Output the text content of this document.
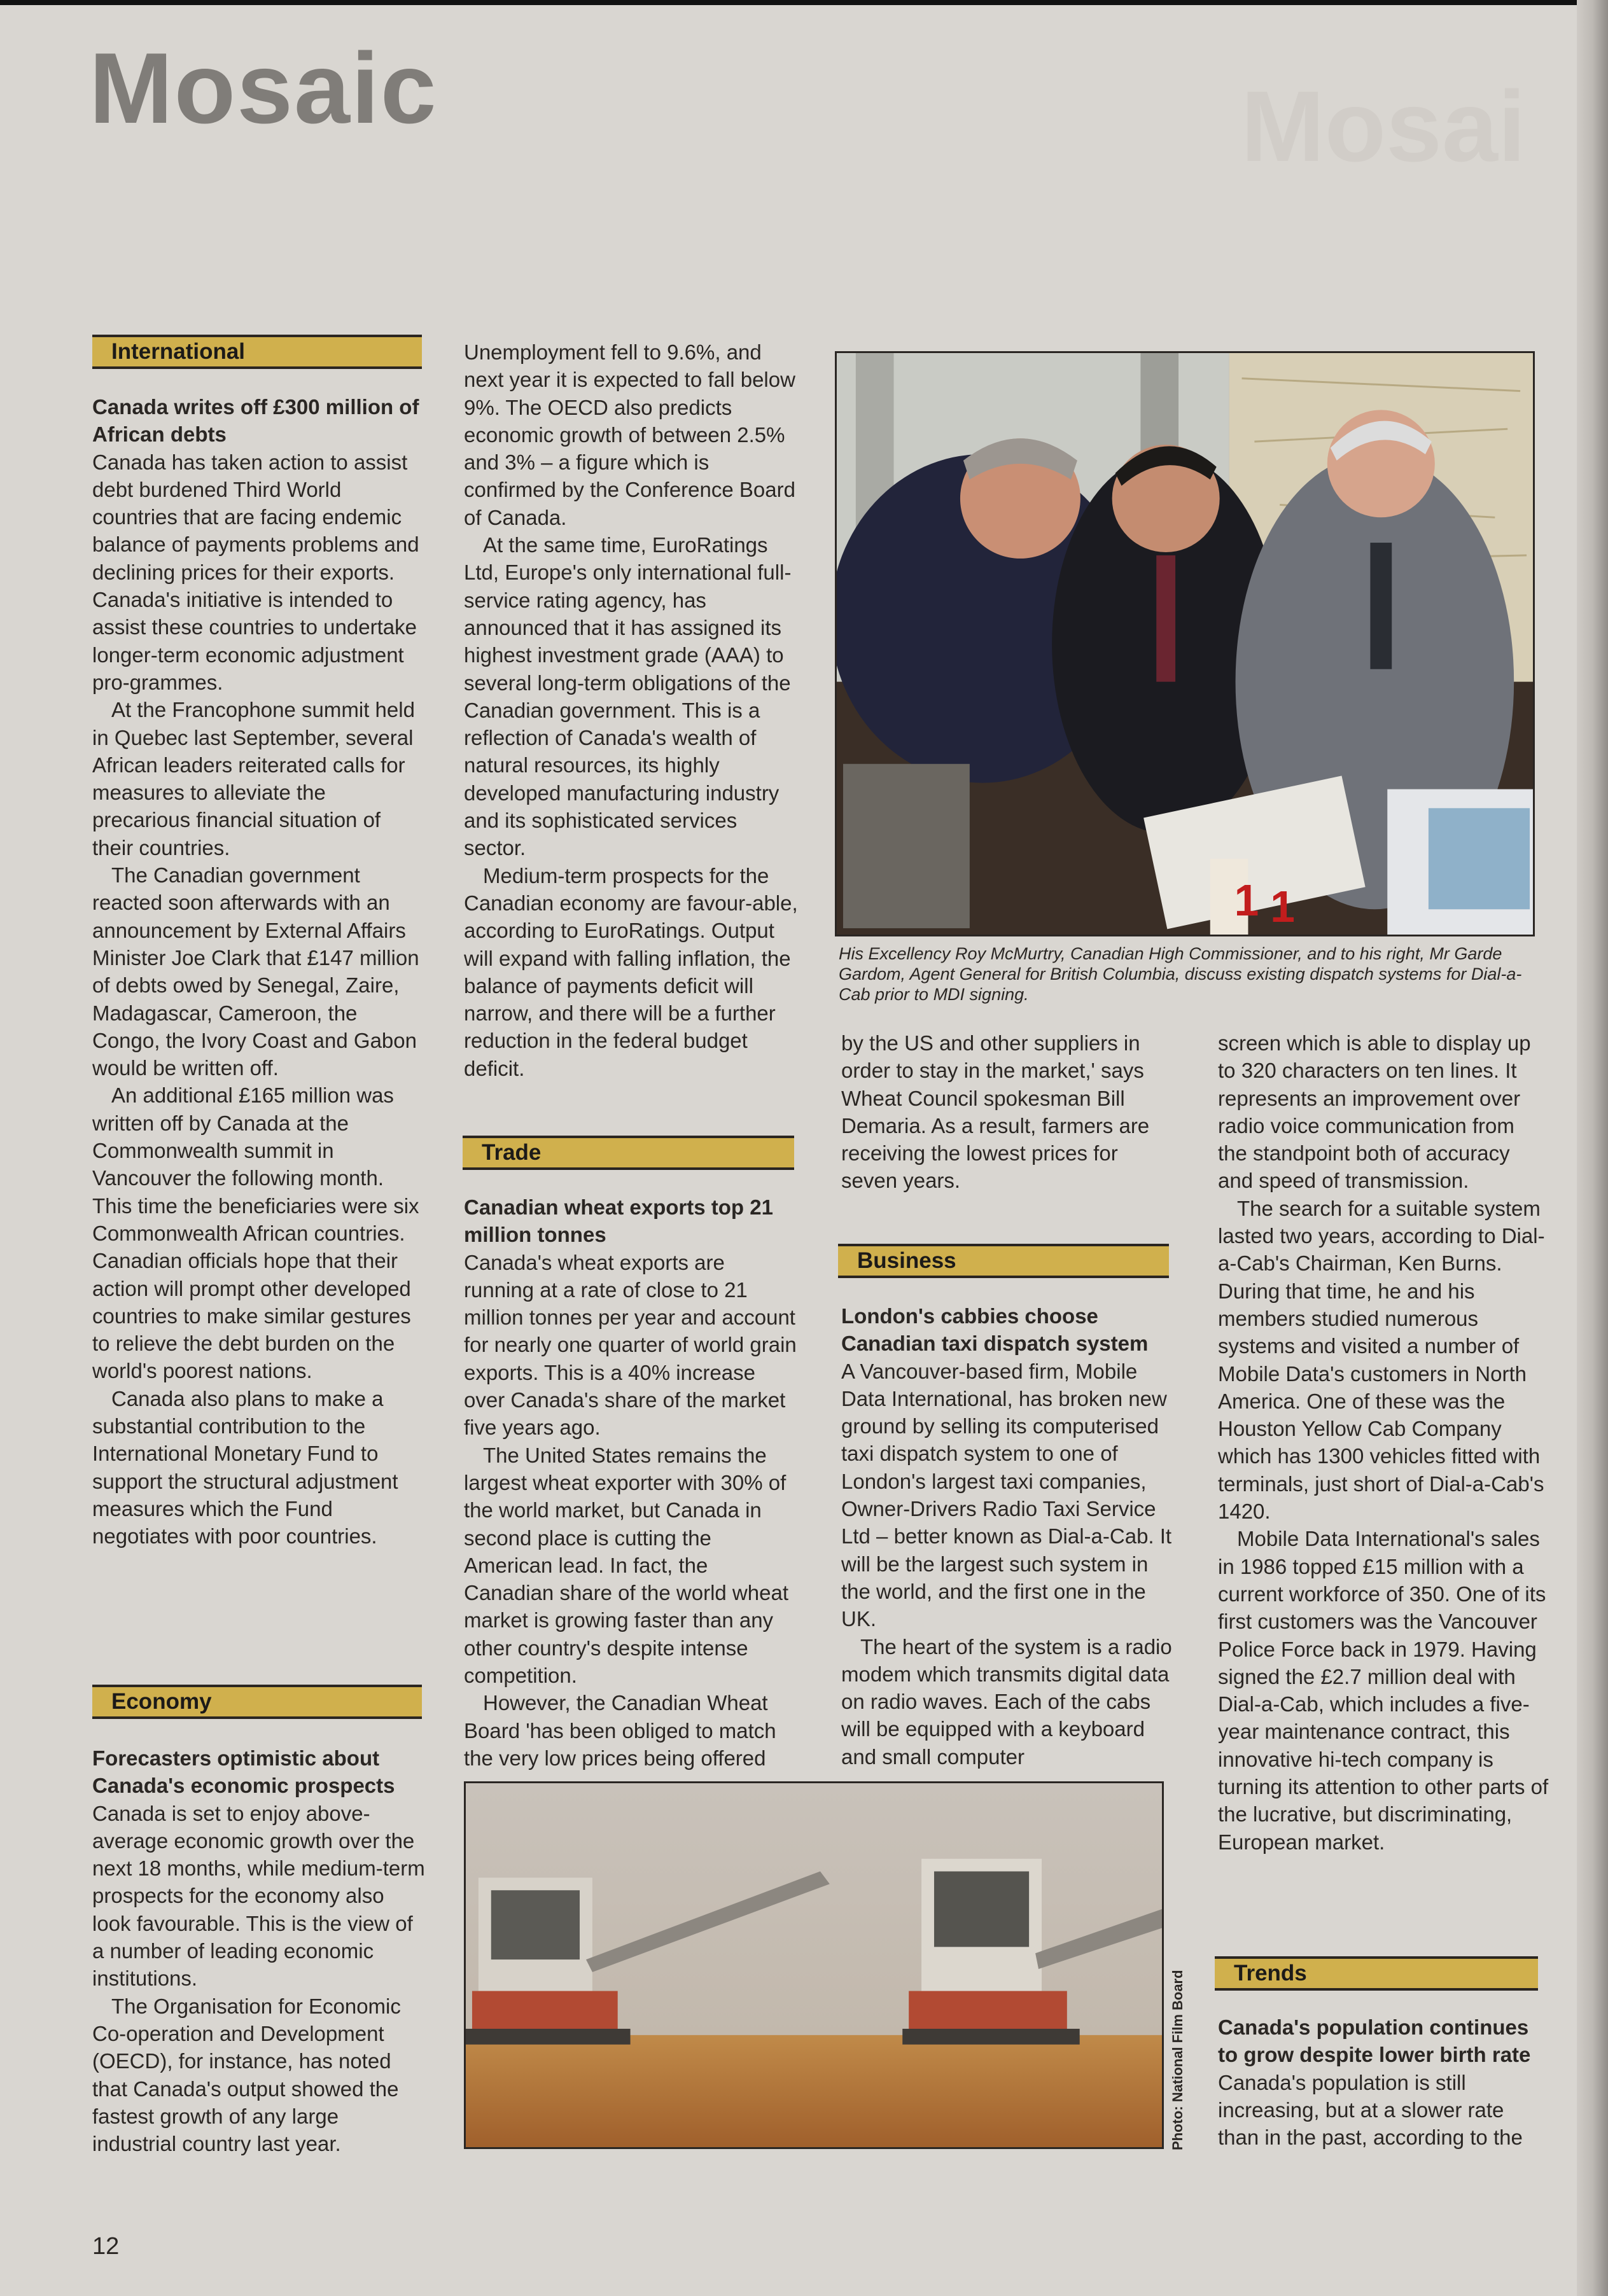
Mosaic	Mosai
International

Canada writes off £300 million of African debts

Canada has taken action to assist debt burdened Third World countries that are facing endemic balance of payments problems and declining prices for their exports. Canada's initiative is intended to assist these countries to undertake longer-term economic adjustment pro-grammes.

At the Francophone summit held in Quebec last September, several African leaders reiterated calls for measures to alleviate the precarious financial situation of their countries.

The Canadian government reacted soon afterwards with an announcement by External Affairs Minister Joe Clark that £147 million of debts owed by Senegal, Zaire, Madagascar, Cameroon, the Congo, the Ivory Coast and Gabon would be written off.

An additional £165 million was written off by Canada at the Commonwealth summit in Vancouver the following month. This time the beneficiaries were six Commonwealth African countries. Canadian officials hope that their action will prompt other developed countries to make similar gestures to relieve the debt burden on the world's poorest nations.

Canada also plans to make a substantial contribution to the International Monetary Fund to support the structural adjustment measures which the Fund negotiates with poor countries.

Economy

Forecasters optimistic about Canada's economic prospects

Canada is set to enjoy above-average economic growth over the next 18 months, while medium-term prospects for the economy also look favourable. This is the view of a number of leading economic institutions.

The Organisation for Economic Co-operation and Development (OECD), for instance, has noted that Canada's output showed the fastest growth of any large industrial country last year.

Unemployment fell to 9.6%, and next year it is expected to fall below 9%. The OECD also predicts economic growth of between 2.5% and 3% – a figure which is confirmed by the Conference Board of Canada.

At the same time, EuroRatings Ltd, Europe's only international full-service rating agency, has announced that it has assigned its highest investment grade (AAA) to several long-term obligations of the Canadian government. This is a reflection of Canada's wealth of natural resources, its highly developed manufacturing industry and its sophisticated services sector.

Medium-term prospects for the Canadian economy are favour-able, according to EuroRatings. Output will expand with falling inflation, the balance of payments deficit will narrow, and there will be a further reduction in the federal budget deficit.

Trade

Canadian wheat exports top 21 million tonnes

Canada's wheat exports are running at a rate of close to 21 million tonnes per year and account for nearly one quarter of world grain exports. This is a 40% increase over Canada's share of the market five years ago.

The United States remains the largest wheat exporter with 30% of the world market, but Canada in second place is cutting the American lead. In fact, the Canadian share of the world wheat market is growing faster than any other country's despite intense competition.

However, the Canadian Wheat Board 'has been obliged to match the very low prices being offered

1 1
His Excellency Roy McMurtry, Canadian High Commissioner, and to his right, Mr Garde Gardom, Agent General for British Columbia, discuss existing dispatch systems for Dial-a-Cab prior to MDI signing.

by the US and other suppliers in order to stay in the market,' says Wheat Council spokesman Bill Demaria. As a result, farmers are receiving the lowest prices for seven years.

Business

London's cabbies choose Canadian taxi dispatch system

A Vancouver-based firm, Mobile Data International, has broken new ground by selling its computerised taxi dispatch system to one of London's largest taxi companies, Owner-Drivers Radio Taxi Service Ltd – better known as Dial-a-Cab. It will be the largest such system in the world, and the first one in the UK.

The heart of the system is a radio modem which transmits digital data on radio waves. Each of the cabs will be equipped with a keyboard and small computer

Photo: National Film Board

screen which is able to display up to 320 characters on ten lines. It represents an improvement over radio voice communication from the standpoint both of accuracy and speed of transmission.

The search for a suitable system lasted two years, according to Dial-a-Cab's Chairman, Ken Burns. During that time, he and his members studied numerous systems and visited a number of Mobile Data's customers in North America. One of these was the Houston Yellow Cab Company which has 1300 vehicles fitted with terminals, just short of Dial-a-Cab's 1420.

Mobile Data International's sales in 1986 topped £15 million with a current workforce of 350. One of its first customers was the Vancouver Police Force back in 1979. Having signed the £2.7 million deal with Dial-a-Cab, which includes a five-year maintenance contract, this innovative hi-tech company is turning its attention to other parts of the lucrative, but discriminating, European market.

Trends

Canada's population continues to grow despite lower birth rate

Canada's population is still increasing, but at a slower rate than in the past, according to the

12
